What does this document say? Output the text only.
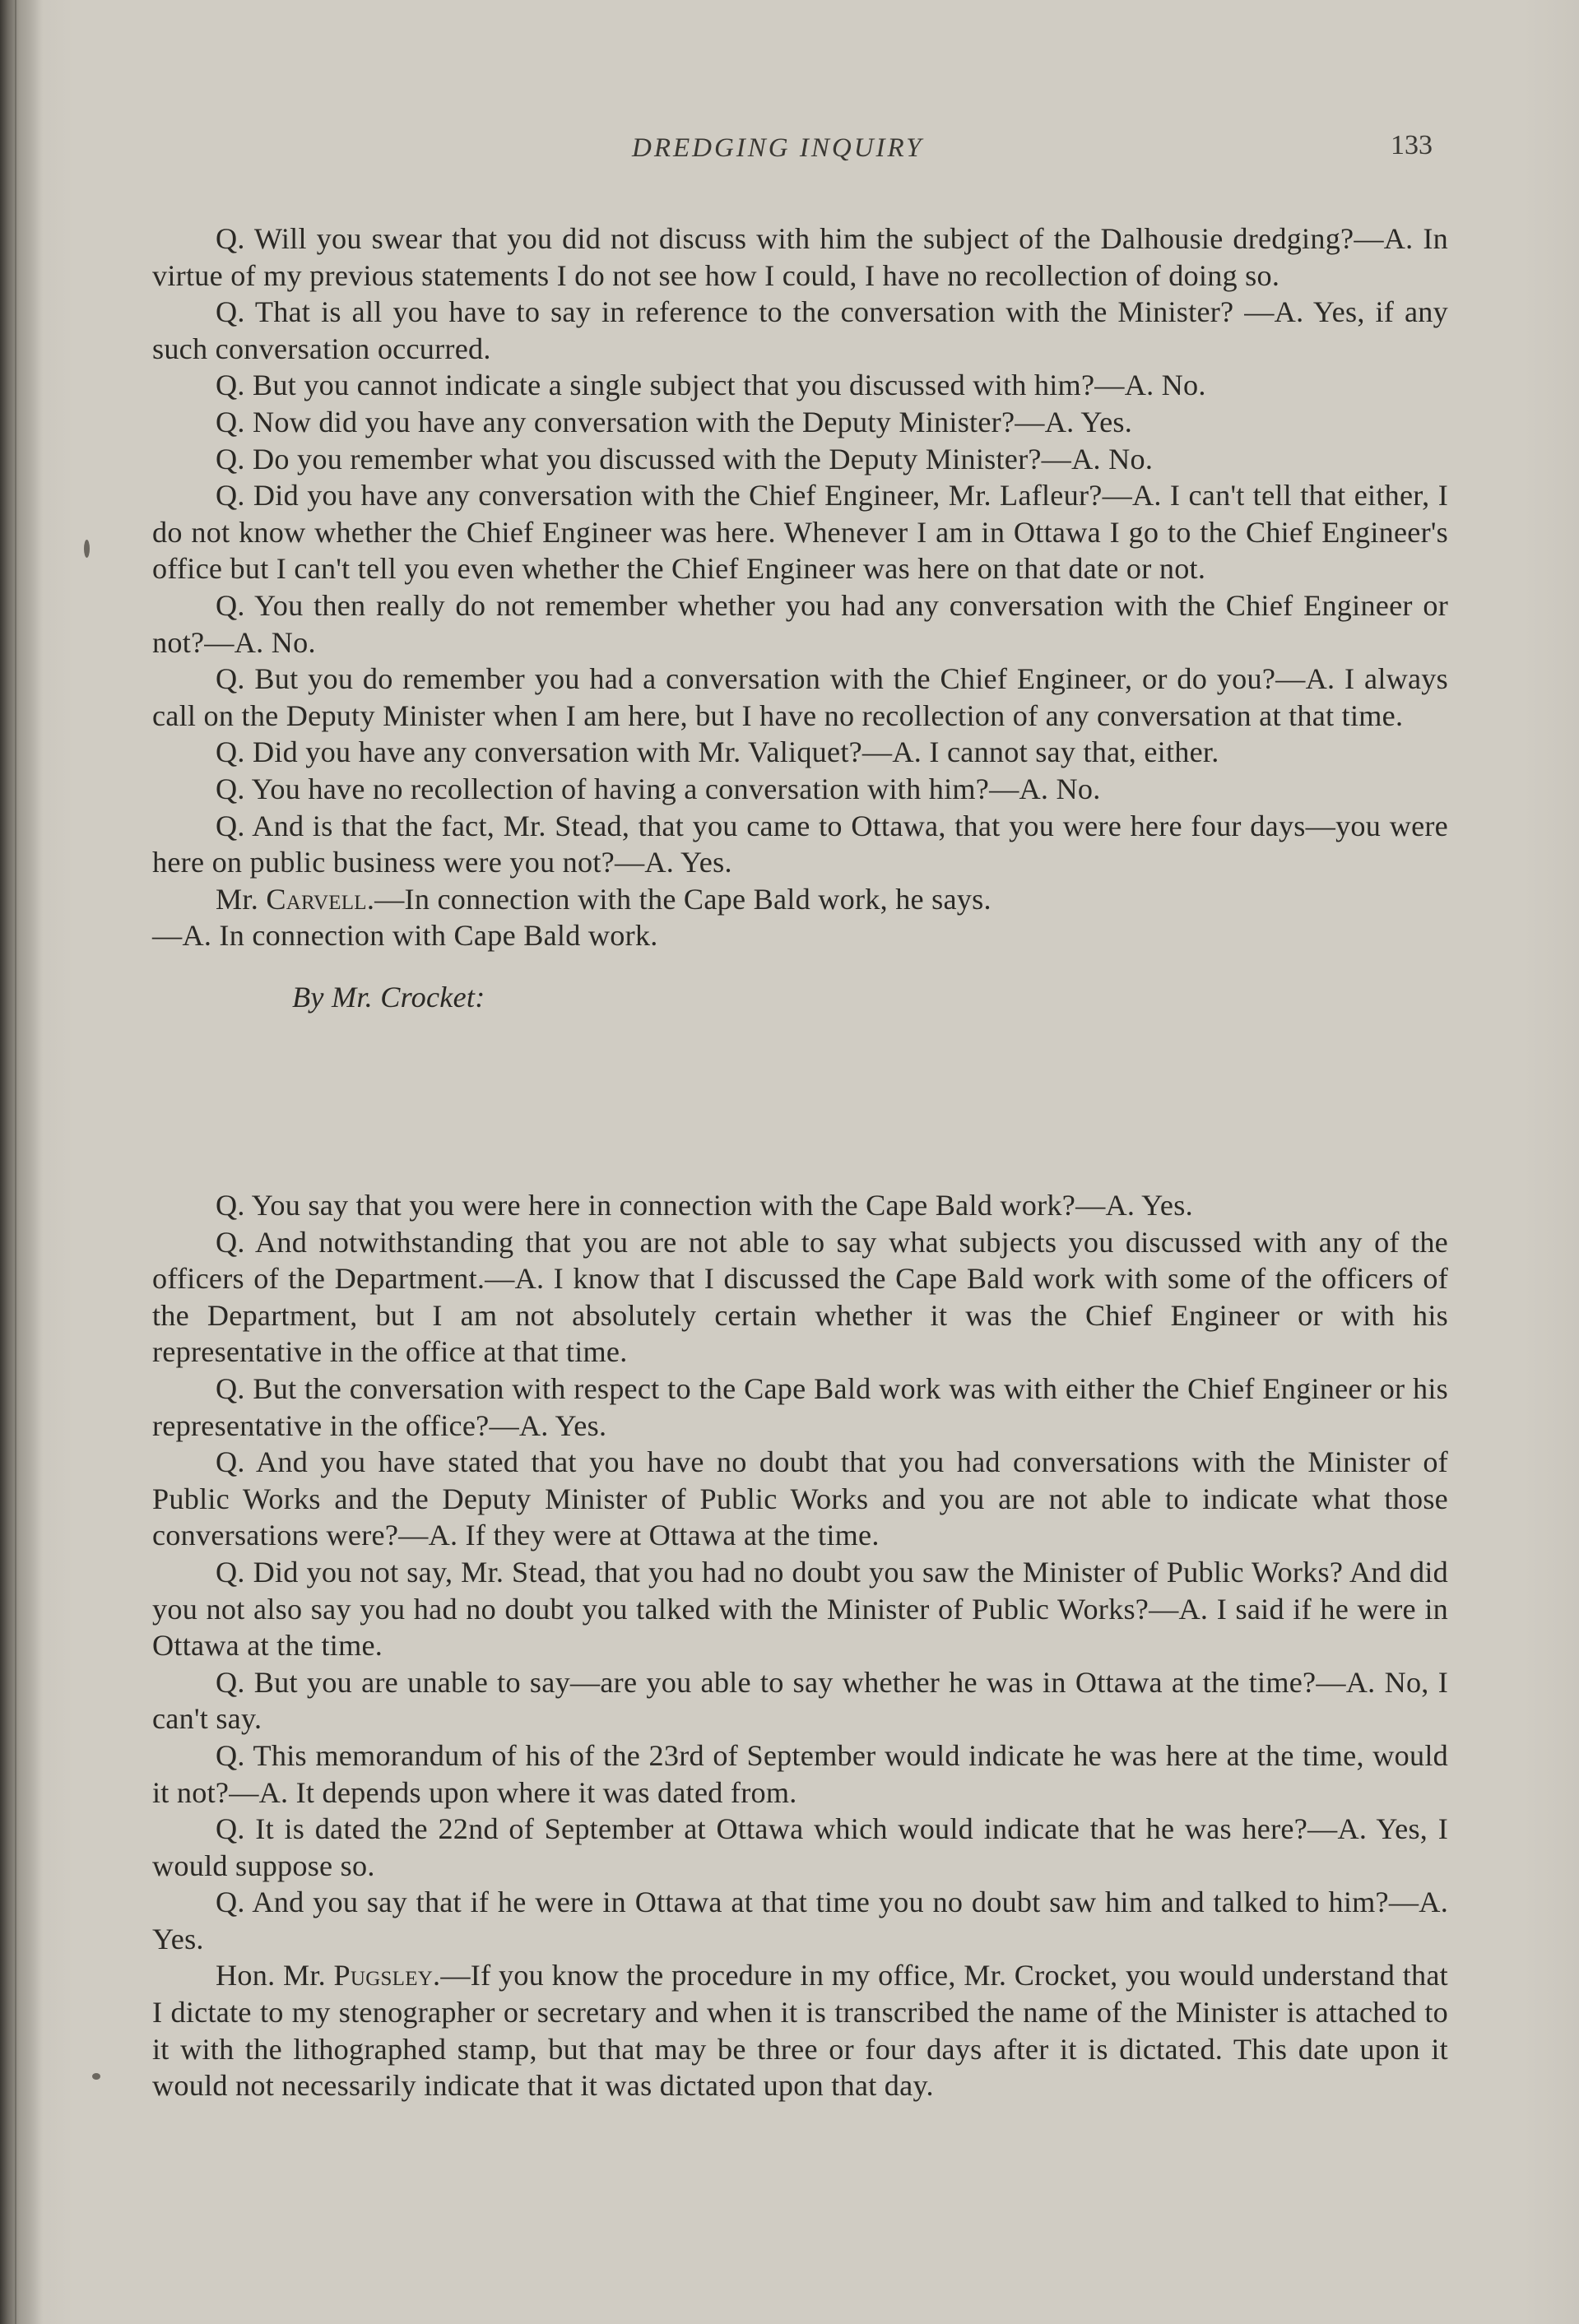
DREDGING INQUIRY	133

Q. Will you swear that you did not discuss with him the subject of the Dalhousie dredging?—A. In virtue of my previous statements I do not see how I could, I have no recollection of doing so.

Q. That is all you have to say in reference to the conversation with the Minister? —A. Yes, if any such conversation occurred.

Q. But you cannot indicate a single subject that you discussed with him?—A. No.

Q. Now did you have any conversation with the Deputy Minister?—A. Yes.

Q. Do you remember what you discussed with the Deputy Minister?—A. No.

Q. Did you have any conversation with the Chief Engineer, Mr. Lafleur?—A. I can't tell that either, I do not know whether the Chief Engineer was here. Whenever I am in Ottawa I go to the Chief Engineer's office but I can't tell you even whether the Chief Engineer was here on that date or not.

Q. You then really do not remember whether you had any conversation with the Chief Engineer or not?—A. No.

Q. But you do remember you had a conversation with the Chief Engineer, or do you?—A. I always call on the Deputy Minister when I am here, but I have no recollection of any conversation at that time.

Q. Did you have any conversation with Mr. Valiquet?—A. I cannot say that, either.

Q. You have no recollection of having a conversation with him?—A. No.

Q. And is that the fact, Mr. Stead, that you came to Ottawa, that you were here four days—you were here on public business were you not?—A. Yes.

Mr. Carvell.—In connection with the Cape Bald work, he says.

—A. In connection with Cape Bald work.

By Mr. Crocket:

Q. You say that you were here in connection with the Cape Bald work?—A. Yes.

Q. And notwithstanding that you are not able to say what subjects you discussed with any of the officers of the Department.—A. I know that I discussed the Cape Bald work with some of the officers of the Department, but I am not absolutely certain whether it was the Chief Engineer or with his representative in the office at that time.

Q. But the conversation with respect to the Cape Bald work was with either the Chief Engineer or his representative in the office?—A. Yes.

Q. And you have stated that you have no doubt that you had conversations with the Minister of Public Works and the Deputy Minister of Public Works and you are not able to indicate what those conversations were?—A. If they were at Ottawa at the time.

Q. Did you not say, Mr. Stead, that you had no doubt you saw the Minister of Public Works? And did you not also say you had no doubt you talked with the Minister of Public Works?—A. I said if he were in Ottawa at the time.

Q. But you are unable to say—are you able to say whether he was in Ottawa at the time?—A. No, I can't say.

Q. This memorandum of his of the 23rd of September would indicate he was here at the time, would it not?—A. It depends upon where it was dated from.

Q. It is dated the 22nd of September at Ottawa which would indicate that he was here?—A. Yes, I would suppose so.

Q. And you say that if he were in Ottawa at that time you no doubt saw him and talked to him?—A. Yes.

Hon. Mr. Pugsley.—If you know the procedure in my office, Mr. Crocket, you would understand that I dictate to my stenographer or secretary and when it is transcribed the name of the Minister is attached to it with the lithographed stamp, but that may be three or four days after it is dictated. This date upon it would not necessarily indicate that it was dictated upon that day.
